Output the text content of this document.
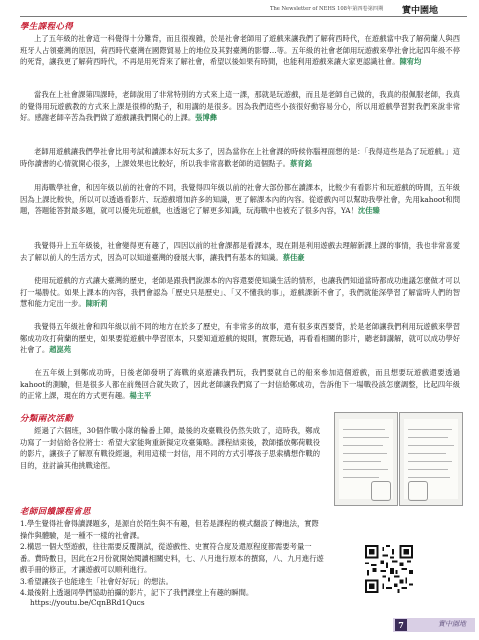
The Newsletter of NEHS 108年第四卷第四期 實中園地
學生課程心得
上了五年級的社會這一科覺得十分難背，而且很複雜，於是社會老師用了遊戲來讓我們了解荷西時代，在遊戲當中我了解荷蘭人與西班牙人占領臺灣的原因，荷西時代臺灣在國際貿易上的地位及其對臺灣的影響…等。五年級的社會老師用玩遊戲來學社會比起四年級不停的死背，讓我更了解荷西時代，不再是用死背來了解社會，希望以後如果有時間，也能利用遊戲來讓大家更認識社會。陳宥均
當我在上社會課第四課時，老師說用了非常特別的方式來上這一課，那就是玩遊戲，而且是老師自己做的，我真的很佩服老師，我真的覺得用玩遊戲教的方式來上課是很棒的點子，和用講的是很多。因為我們這些小孩很好動容易分心，所以用遊戲學習對我們來說非常好。感謝老師辛苦為我們做了遊戲讓我們開心的上課。張博彝
老師用遊戲讓我們學社會比用考試和讀課本好玩太多了，因為當你在上社會課的時候你腦裡面想的是：「我得這些是為了玩遊戲。」這時你讀書的心情就開心很多，上課效果也比較好，所以我非常喜歡老師的這個點子。蔡育銘
用海戰學社會，和因年級以前的社會的不同，我覺得四年級以前的社會大部份都在讀課本，比較少有看影片和玩遊戲的時間，五年級因為上課比較快，所以可以透過看影片、玩遊戲增加許多的知識，更了解課本內的內容。從遊戲內可以幫助我學社會，先用kahoot和問題，答題能答對最多題，就可以優先玩遊戲，也透過它了解更多知識，玩海戰中也被充了很多內容，YA！沈佳臻
我覺得升上五年級後，社會變得更有趣了，四因以前的社會課都是看課本，現在則是利用遊戲去理解新課上課的事情，我也非常喜愛去了解以前人的生活方式，因為可以知道臺灣的發展大事，讓我們有基本的知識。蔡佳豪
使用玩遊戲的方式讓大臺灣的歷史，老師是跟我們說課本的內容還要使知識生活的情形，也讓我們知道當時都成功進議怎麼做才可以打一場勝仗。如果上課本的內容，我們會認為「歷史只是歷史」、「又不懂我的事」，遊戲課新不會了，我們就能深學習了解當時人們的智慧和能力定出一步。陳昕莉
我覺得五年級社會和四年級以前不同的地方在於多了歷史，有非常多的故事，還有很多東西要背，於是老師讓我們利用玩遊戲來學習鄭成功攻打荷蘭的歷史，如果要從遊戲中學習原本，只要知道遊戲的規則，實際玩過，再看看相關的影片，聽老師講解，就可以成功學好社會了。趙崑苑
在五年級上到鄭成功時，日後老師發明了海戰的桌遊讓我們玩，我們要就自己的船來參加這個遊戲，而且想要玩遊戲還要透過kahoot的測驗，但是很多人都在前幾回合就失敗了，因此老師讓我們寫了一封信給鄭成功，告訴他下一場戰役該怎麼調整，比起四年級的正常上課，現在的方式更有趣。楊主平
分類兩次活動
經過了六個班，30個作戰小隊的輪番上陣，最後的攻臺戰役仍然失敗了，這時我，鄭成功寫了一封信給各位將士：希望大家能夠重新擬定攻臺策略。課程結束後，教師播放鄭荷戰役的影片，讓孩子了解原有戰役經過，利用這樣一封信，用不同的方式引導孩子思索構想作戰的目的，並討論其他挑戰途徑。
老師回饋課程省思
1.學生覺得社會得讀課題多，是源自於陌生與不有趣，但若是課程的模式翻設了轉進法，實際操作與體驗，是一種不一樣的社會課。
2.構思一個大型遊戲，往往需要反覆測試，從遊戲性、史實符合度及還原程度都需要考量一番。費時數日，因此在2月份就開始閱讀相關史料，七、八月進行原本的撰寫，八、九月進行遊戲手冊的修正，才讓遊戲可以順利進行。
3.希望讓孩子也能達生「社會好好玩」的想法。
4.最後附上透過同學們協助拍攝的影片，記下了我們課堂上有趣的瞬間。
https://youtu.be/CqnBRd1Qucs
7	實中園地
